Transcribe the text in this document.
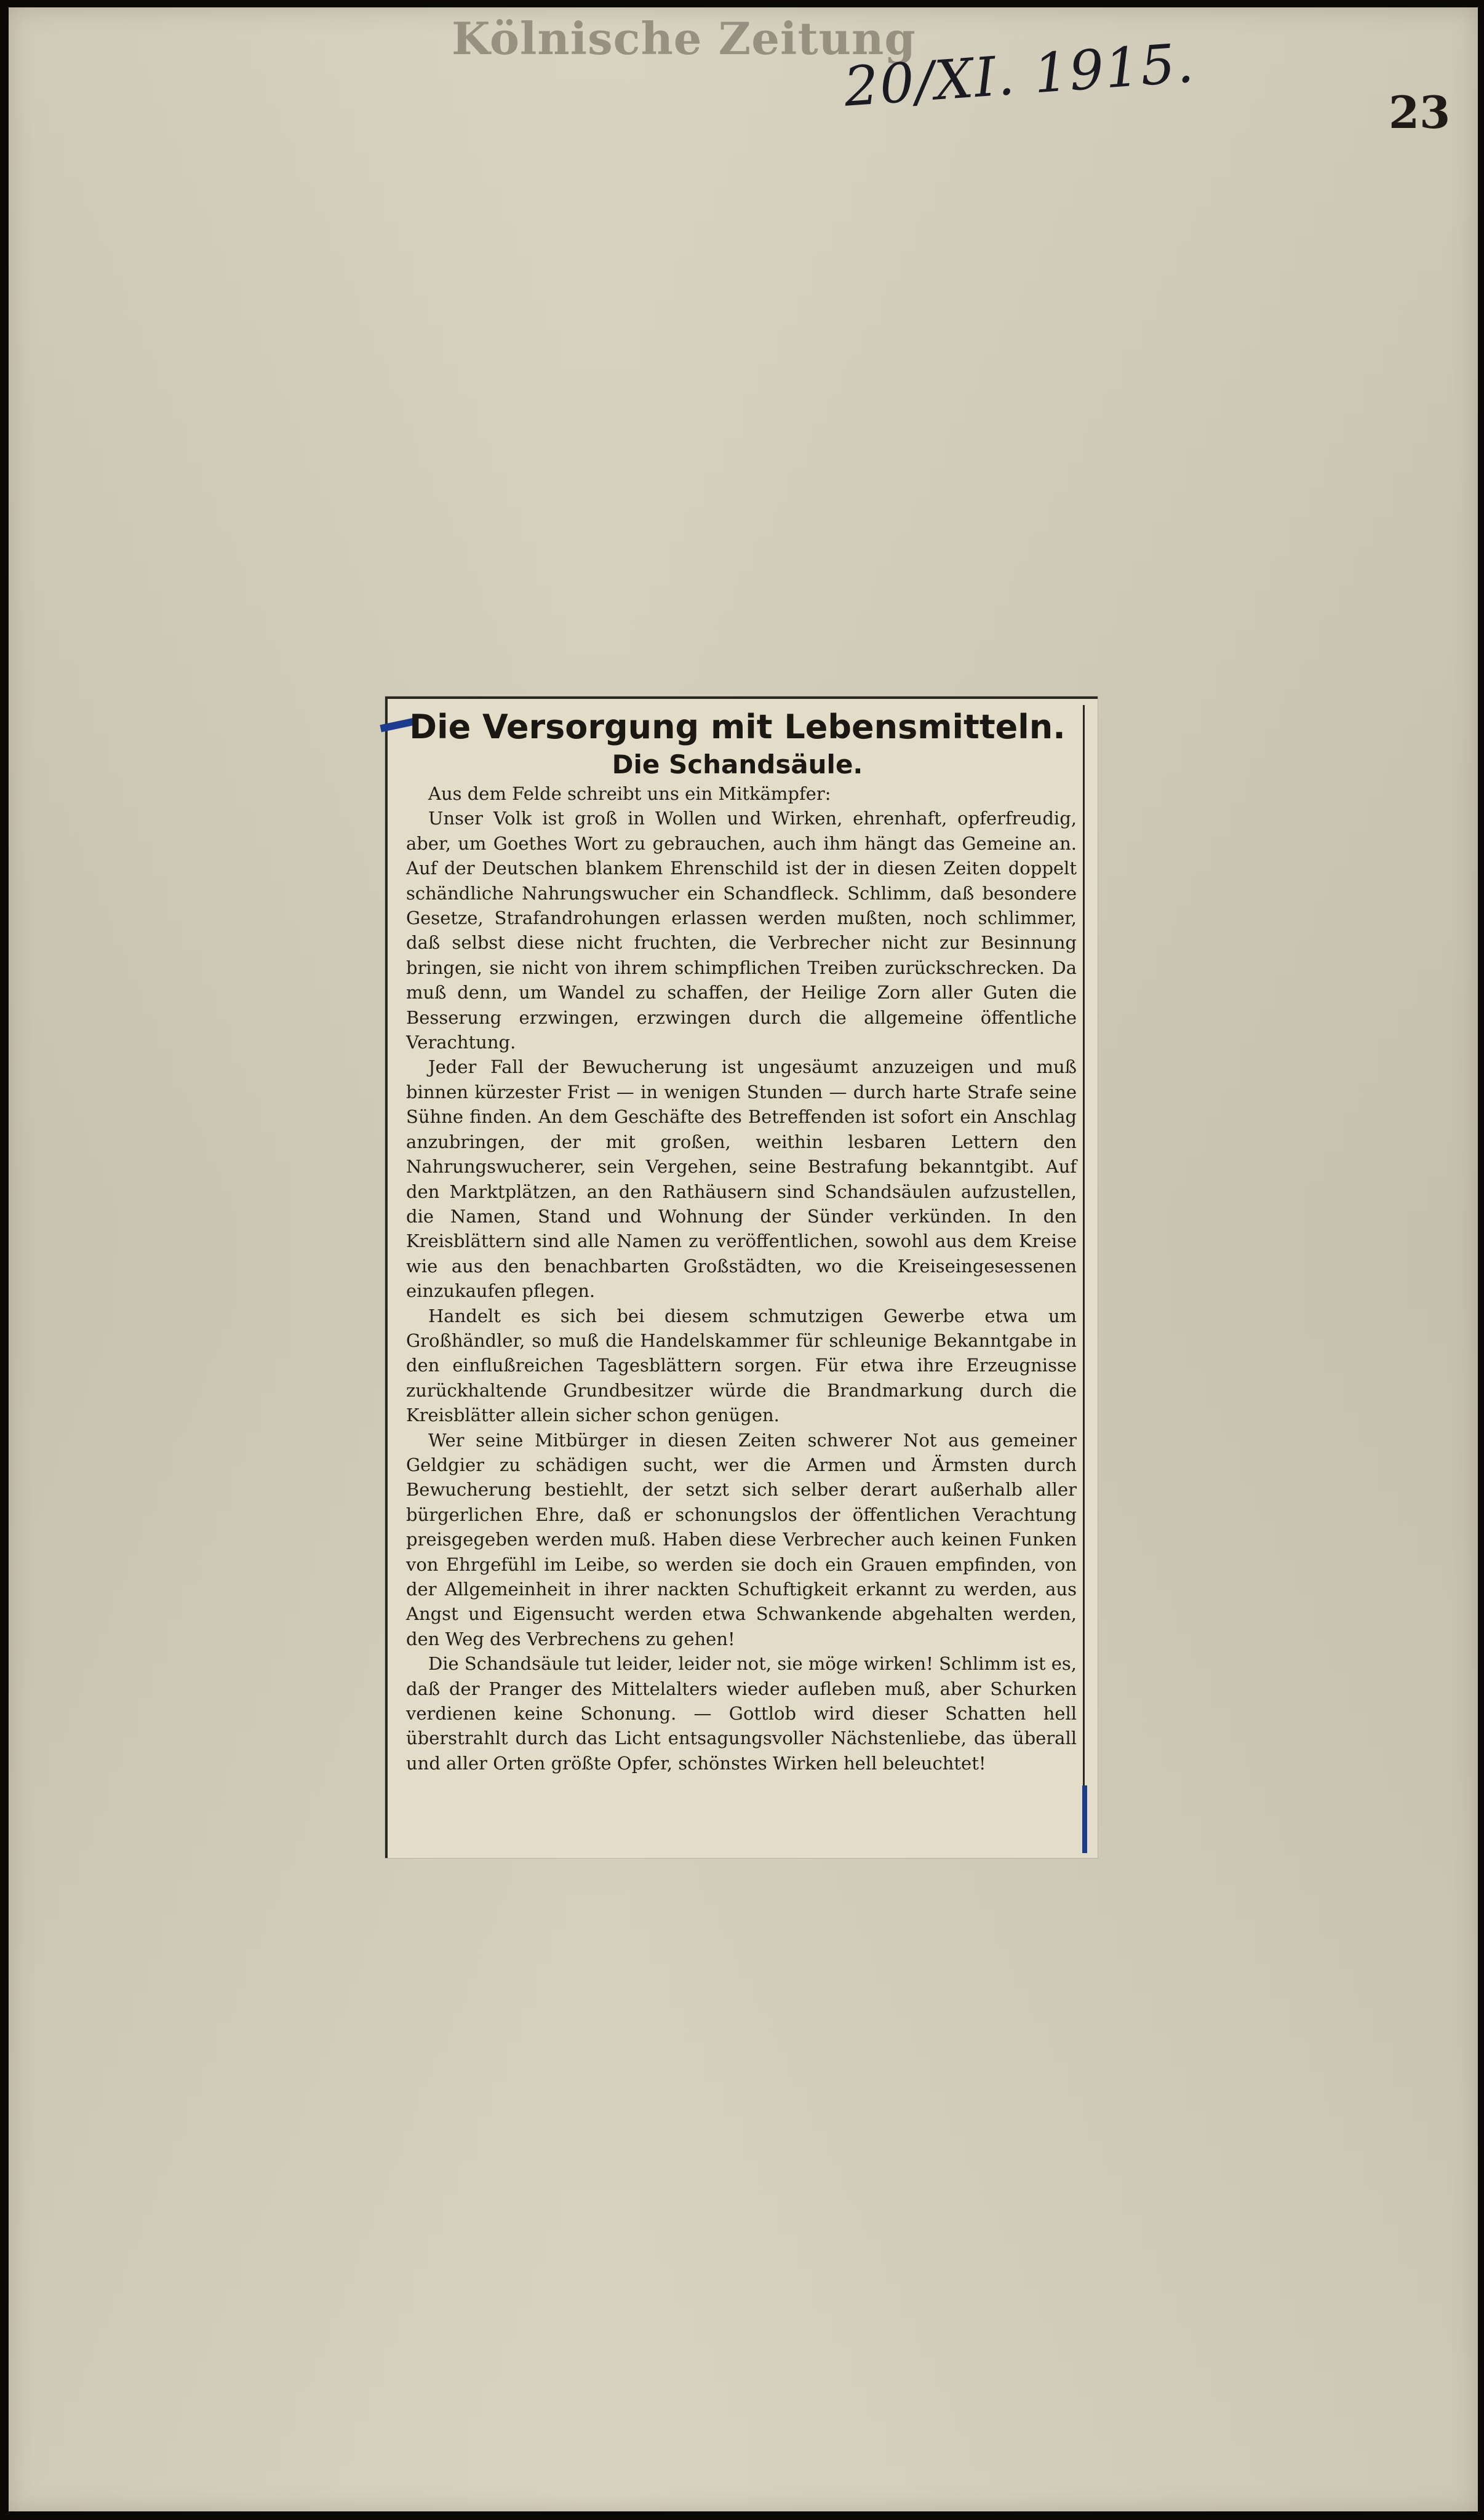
Kölnische Zeitung
20/XI. 1915.	23
Die Versorgung mit Lebensmitteln.
Die Schandsäule.

Aus dem Felde schreibt uns ein Mitkämpfer:

Unser Volk ist groß in Wollen und Wirken, ehrenhaft, opferfreudig, aber, um Goethes Wort zu gebrauchen, auch ihm hängt das Gemeine an. Auf der Deutschen blankem Ehrenschild ist der in diesen Zeiten doppelt schändliche Nahrungswucher ein Schandfleck. Schlimm, daß besondere Gesetze, Strafandrohungen erlassen werden mußten, noch schlimmer, daß selbst diese nicht fruchten, die Verbrecher nicht zur Besinnung bringen, sie nicht von ihrem schimpflichen Treiben zurückschrecken. Da muß denn, um Wandel zu schaffen, der Heilige Zorn aller Guten die Besserung erzwingen, erzwingen durch die allgemeine öffentliche Verachtung.

Jeder Fall der Bewucherung ist ungesäumt anzuzeigen und muß binnen kürzester Frist — in wenigen Stunden — durch harte Strafe seine Sühne finden. An dem Geschäfte des Betreffenden ist sofort ein Anschlag anzubringen, der mit großen, weithin lesbaren Lettern den Nahrungswucherer, sein Vergehen, seine Bestrafung bekanntgibt. Auf den Marktplätzen, an den Rathäusern sind Schandsäulen aufzustellen, die Namen, Stand und Wohnung der Sünder verkünden. In den Kreisblättern sind alle Namen zu veröffentlichen, sowohl aus dem Kreise wie aus den benachbarten Großstädten, wo die Kreiseingesessenen einzukaufen pflegen.

Handelt es sich bei diesem schmutzigen Gewerbe etwa um Großhändler, so muß die Handelskammer für schleunige Bekanntgabe in den einflußreichen Tagesblättern sorgen. Für etwa ihre Erzeugnisse zurückhaltende Grundbesitzer würde die Brandmarkung durch die Kreisblätter allein sicher schon genügen.

Wer seine Mitbürger in diesen Zeiten schwerer Not aus gemeiner Geldgier zu schädigen sucht, wer die Armen und Ärmsten durch Bewucherung bestiehlt, der setzt sich selber derart außerhalb aller bürgerlichen Ehre, daß er schonungslos der öffentlichen Verachtung preisgegeben werden muß. Haben diese Verbrecher auch keinen Funken von Ehrgefühl im Leibe, so werden sie doch ein Grauen empfinden, von der Allgemeinheit in ihrer nackten Schuftigkeit erkannt zu werden, aus Angst und Eigensucht werden etwa Schwankende abgehalten werden, den Weg des Verbrechens zu gehen!

Die Schandsäule tut leider, leider not, sie möge wirken! Schlimm ist es, daß der Pranger des Mittelalters wieder aufleben muß, aber Schurken verdienen keine Schonung. — Gottlob wird dieser Schatten hell überstrahlt durch das Licht entsagungsvoller Nächstenliebe, das überall und aller Orten größte Opfer, schönstes Wirken hell beleuchtet!
